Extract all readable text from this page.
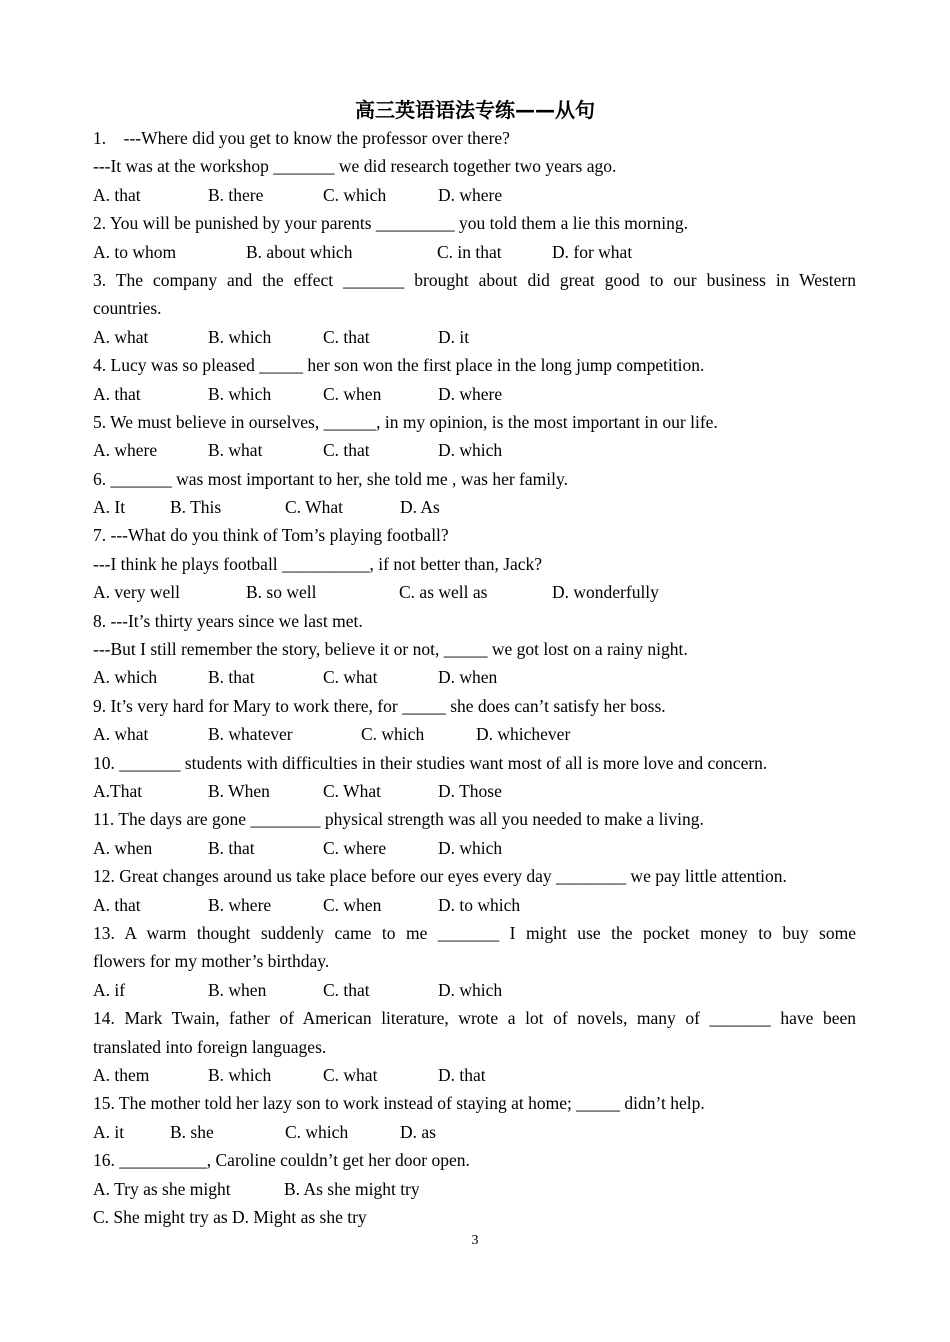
高三英语语法专练——从句
1.    ---Where did you get to know the professor over there?
---It was at the workshop _______ we did research together two years ago.
A. that	B. there	C. which	D. where
2. You will be punished by your parents _________ you told them a lie this morning.
A. to whom	B. about which	C. in that	D. for what
3. The company and the effect _______ brought about did great good to our business in Western
countries.
A. what	B. which	C. that	D. it
4. Lucy was so pleased _____ her son won the first place in the long jump competition.
A. that	B. which	C. when	D. where
5. We must believe in ourselves, ______, in my opinion, is the most important in our life.
A. where	B. what	C. that	D. which
6. _______ was most important to her, she told me , was her family.
A. It	B. This	C. What	D. As
7. ---What do you think of Tom’s playing football?
---I think he plays football __________, if not better than, Jack?
A. very well	B. so well	C. as well as	D. wonderfully
8. ---It’s thirty years since we last met.
---But I still remember the story, believe it or not, _____ we got lost on a rainy night.
A. which	B. that	C. what	D. when
9. It’s very hard for Mary to work there, for _____ she does can’t satisfy her boss.
A. what	B. whatever	C. which	D. whichever
10. _______ students with difficulties in their studies want most of all is more love and concern.
A.That	B. When	C. What	D. Those
11. The days are gone ________ physical strength was all you needed to make a living.
A. when	B. that	C. where	D. which
12. Great changes around us take place before our eyes every day ________ we pay little attention.
A. that	B. where	C. when	D. to which
13. A warm thought suddenly came to me _______ I might use the pocket money to buy some
flowers for my mother’s birthday.
A. if	B. when	C. that	D. which
14. Mark Twain, father of American literature, wrote a lot of novels, many of _______ have been
translated into foreign languages.
A. them	B. which	C. what	D. that
15. The mother told her lazy son to work instead of staying at home; _____ didn’t help.
A. it	B. she	C. which	D. as
16. __________, Caroline couldn’t get her door open.
A. Try as she might	B. As she might try
C. She might try as D. Might as she try
3
